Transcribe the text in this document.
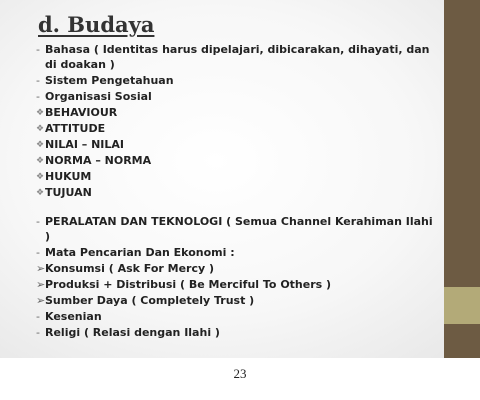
d. Budaya
- Bahasa ( Identitas harus dipelajari, dibicarakan, dihayati, dan di doakan )
- Sistem Pengetahuan
- Organisasi Sosial
❖ BEHAVIOUR
❖ ATTITUDE
❖ NILAI – NILAI
❖ NORMA – NORMA
❖ HUKUM
❖ TUJUAN
- PERALATAN DAN TEKNOLOGI ( Semua Channel Kerahiman Ilahi )
- Mata Pencarian Dan Ekonomi :
➢ Konsumsi ( Ask For Mercy )
➢ Produksi + Distribusi ( Be Merciful To Others )
➢ Sumber Daya ( Completely Trust )
- Kesenian
- Religi ( Relasi dengan Ilahi )
23
